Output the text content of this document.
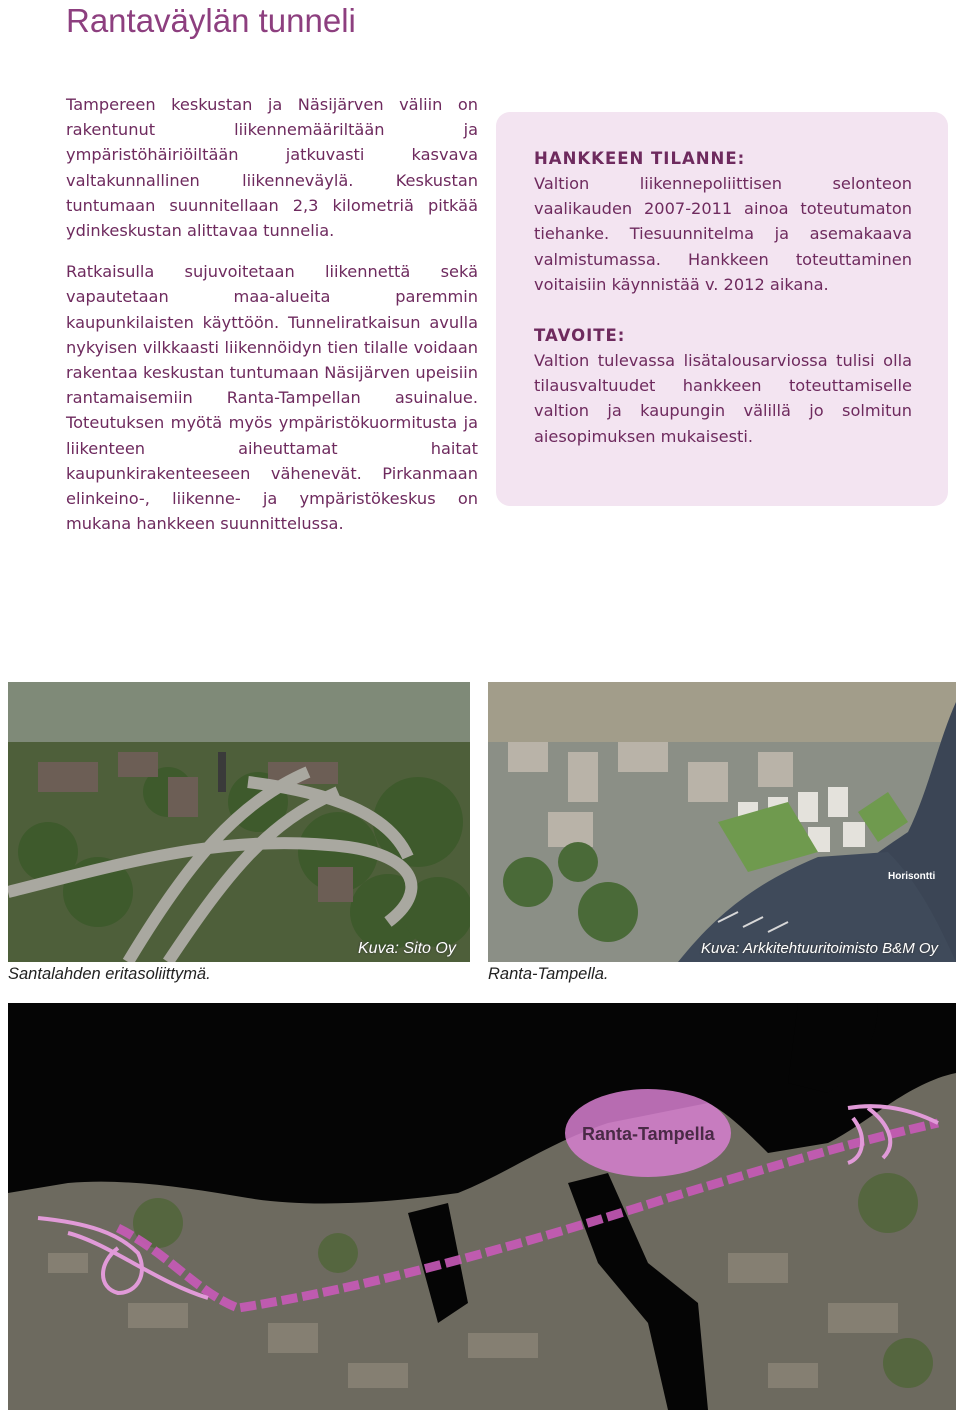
Rantaväylän tunneli

Tampereen keskustan ja Näsijärven väliin on rakentunut liikennemääriltään ja ympäristöhäiriöiltään jatkuvasti kasvava valtakunnallinen liikenneväylä. Keskustan tuntumaan suunnitellaan 2,3 kilometriä pitkää ydinkeskustan alittavaa tunnelia.

Ratkaisulla sujuvoitetaan liikennettä sekä vapautetaan maa-alueita paremmin kaupunkilaisten käyttöön. Tunneliratkaisun avulla nykyisen vilkkaasti liikennöidyn tien tilalle voidaan rakentaa keskustan tuntumaan Näsijärven upeisiin rantamaisemiin Ranta-Tampellan asuinalue. Toteutuksen myötä myös ympäristökuormitusta ja liikenteen aiheuttamat haitat kaupunkirakenteeseen vähenevät. Pirkanmaan elinkeino-, liikenne- ja ympäristökeskus on mukana hankkeen suunnittelussa.

HANKKEEN TILANNE:

Valtion liikennepoliittisen selonteon vaalikauden 2007-2011 ainoa toteutumaton tiehanke. Tiesuunnitelma ja asemakaava valmistumassa. Hankkeen toteuttaminen voitaisiin käynnistää v. 2012 aikana.

TAVOITE:

Valtion tulevassa lisätalousarviossa tulisi olla tilausvaltuudet hankkeen toteuttamiselle valtion ja kaupungin välillä jo solmitun aiesopimuksen mukaisesti.

Kuva: Sito Oy
Santalahden eritasoliittymä.
Horisontti
Kuva: Arkkitehtuuritoimisto B&M Oy
Ranta-Tampella.
Ranta-Tampella
